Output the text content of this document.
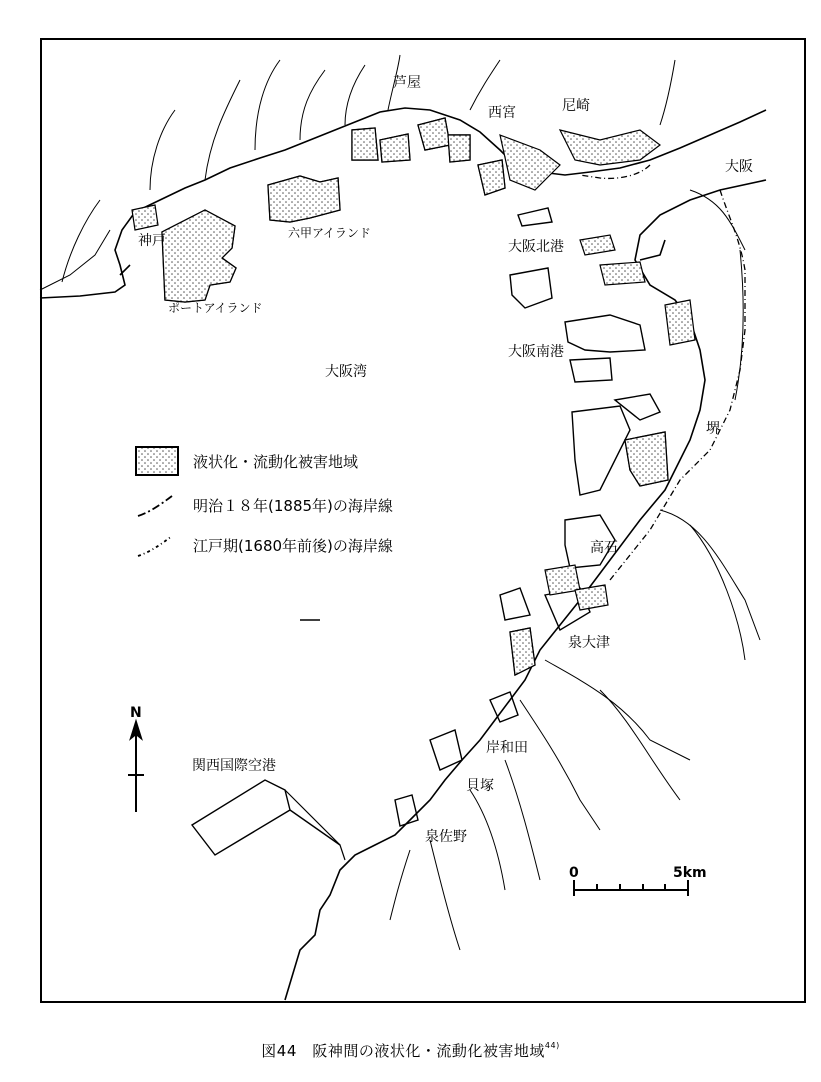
芦屋
西宮	尼崎
大阪
神戸	六甲アイランド
ポートアイランド
大阪北港
大阪南港
大阪湾
堺
高石
泉大津
岸和田
貝塚
泉佐野
関西国際空港
液状化・流動化被害地域
明治１８年(1885年)の海岸線
江戸期(1680年前後)の海岸線
N
0	5km
図44　阪神間の液状化・流動化被害地域$^{44)}$
